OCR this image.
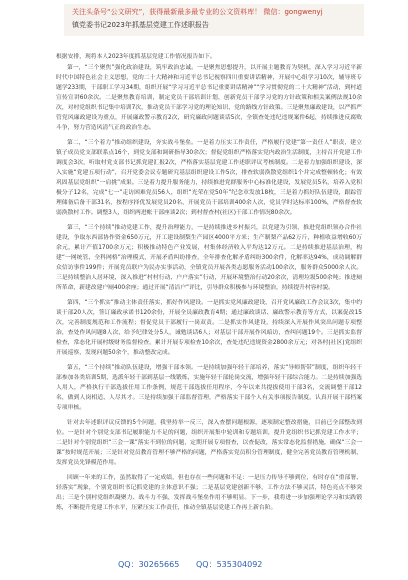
关注头条号“公文研究”，获得最新最多最专业的公文资料库！ 微信：gongwenyj
镇党委书记2023年抓基层党建工作述职报告
根据安排，现将本人2023年度抓基层党建工作情况报告如下。

第一，“三个聚焦”强化政治建设，筑牢政治忠诚。一是聚焦思想提升，以开展主题教育为契机，深入学习习近平新时代中国特色社会主义思想，党的二十大精神和习近平总书记视察四川重要讲话精神，开展中心组学习10次，辅导班专题学233期，干部职工学习34期，组织开展“学习习近平总书记重要讲话精神”“学习贯彻党的二十大精神”活动，到村道宣传宣讲60余次。二是聚焦教育培训，制定党员干部培训计划，创新党员干部学习党的方针政策和相关案例法规10余次，对村党组织书记集中培训7次，推动党员干部学习党的理论知识、党的路线方针政策。三是聚焦廉政建设，以严抓严管党风廉政建设为重点，开展廉政警示教育2次，研究廉政问题谈话5次，全镇查处违纪违规案件6起，持续推进反腐败斗争，努力营造风清气正的政治生态。

第二，“三个着力”推动组织建设，夯实战斗堡垒。一是着力压实工作责任，严格履行党建“第一责任人”职责，建立镇子成员党支部联系点16个，到党支部和调研指导30余次；督促党组织严格落实党内政治生活制度，主持召开党建工作调度会3次，听取村党支部书记抓党建汇报2次，严格落实基层党建工作述职评议考核制度。二是着力加强组织建设，深入实施“党建五项行动”，召开党委会议专题研究基层组织建设工作5次，排查软弱涣散党组织1个并完成整顿转化；有效巩固基层党组织“一肩挑”成果。三是着力提升服务能力，持续推进党群服务中心标准化建设，发展党员5名，培养入党积极分子12名，完成“七一”走访困难党员56人，组织“光荣在党50年”纪念章发放18枚，三是着力抓好队伍建设，跟踪管理储备后备干部31名，按程序择优发展党员20名，开展党员干部培训400余人次，党员学时达标率100%，严格督查软弱涣散村工作。调整3人，组织两进帐干部座谈2次；到村督查村(社区)干部工作情况80余次。

第三，“三个持续”推动党建工作，提升治理能力，一是持续推进乡村振兴，以党建为引领，推进党组织领办合作社建设，争取东西部协作资金650万元，开工建设制梨生产园区4000平方米；生产制梨产品62万斤，种植收益增收60万余元，累计产值1700余万元；积极推动特色产业发展，村集体经济收入平均达12万元。二是持续推进基层治理，构建“一网统管、全科网格”治理模式，开展矛盾纠纷排查，全年排查化解矛盾纠纷300余件，化解率达94%，成功调解群众信访事件199件；开展党员联户为民办实事活动，全镇党员开展各类志愿服务活动100余次，服务群众5000余人次。三是持续整治人居环境，深入推进“村村行动、户户落实”行动，开展环境整治行动20余次，清理垃圾500余吨；推进厕所革命，新建改建户厕400余座；通过开展“清洁户”评比，引导群众积极参与环境整治，持续提升村容村貌。

第四，“三个抓实”推动主体责任落实，抓好作风建设。一是抓实党风廉政建设，召开党风廉政工作会议3次，集中约谈干部20人次，签订廉政承诺书120余份，开展全员廉政教育4期；通过廉政谈话、廉政警示教育等方式，以案促改15次，完善制度规范和工作流程；督促党员干部履行一岗双责。二是抓实作风建设，持续深入开展作风突出问题专项整治，查处作风问题8人次，给予纪律处分5人，诫勉谈话6人；对基层干部开展作风暗访，查纠问题19个。三是抓实监督检查，常态化开展村级财务监督检查，累计开展专项检查10余次，查处违纪违规资金2800余万元；对各村(社区)党组织开展巡察，发现问题50余个，推动整改完成。

第五，“三个持续”推动队伍建设，增强干部本领。一是持续加强年轻干部培养，落实“导师帮带”制度，组织年轻干部参加各类培训5期，选派年轻干部到基层一线锻炼，实施年轻干部轮岗交流，增强年轻干部综合能力。二是持续加强选人用人，严格执行干部选拔任用工作条例，规范干部选拔任用程序，今年以来共提拔使用干部3名，交流调整干部12名，做到人岗相适、人尽其才。三是持续加强干部监督管理，严格落实干部个人有关事项报告制度，认真开展干部档案专项审核。

针对去年述职评议反馈的5个问题，我坚持举一反三，深入查摆问题根源，逐项制定整改措施，目前已全部整改到位。一是针对个别党支部书记履职能力不足的问题，组织开展集中轮训和专题培训，提升党组织书记抓党建工作水平；二是针对个别党组织“三会一课”落实不到位的问题，定期开展专项督查，以查促改，落实常态化监督措施，确保“三会一课”按时规范开展；三是针对党员教育管理不够严格的问题，严格落实党员积分管理制度，健全完善党员教育管理机制，发挥党员先锋模范作用。

回顾一年来的工作，虽然取得了一定成绩，但也存在一些问题和不足：一是压力传导不够到位，有时存在“重部署、轻落实”现象，个别党组织书记抓党建的主体意识不强；二是基层党建创新不够，工作方法不够灵活，特色亮点不够突出；三是个别村党组织凝聚力、战斗力不强，发挥战斗堡垒作用不够明显。下一步，我将进一步加强理论学习和实践锻炼，不断提升党建工作水平，压紧压实工作责任，推动全镇基层党建工作再上新台阶。

QQ：30265665 QQ：535304092
